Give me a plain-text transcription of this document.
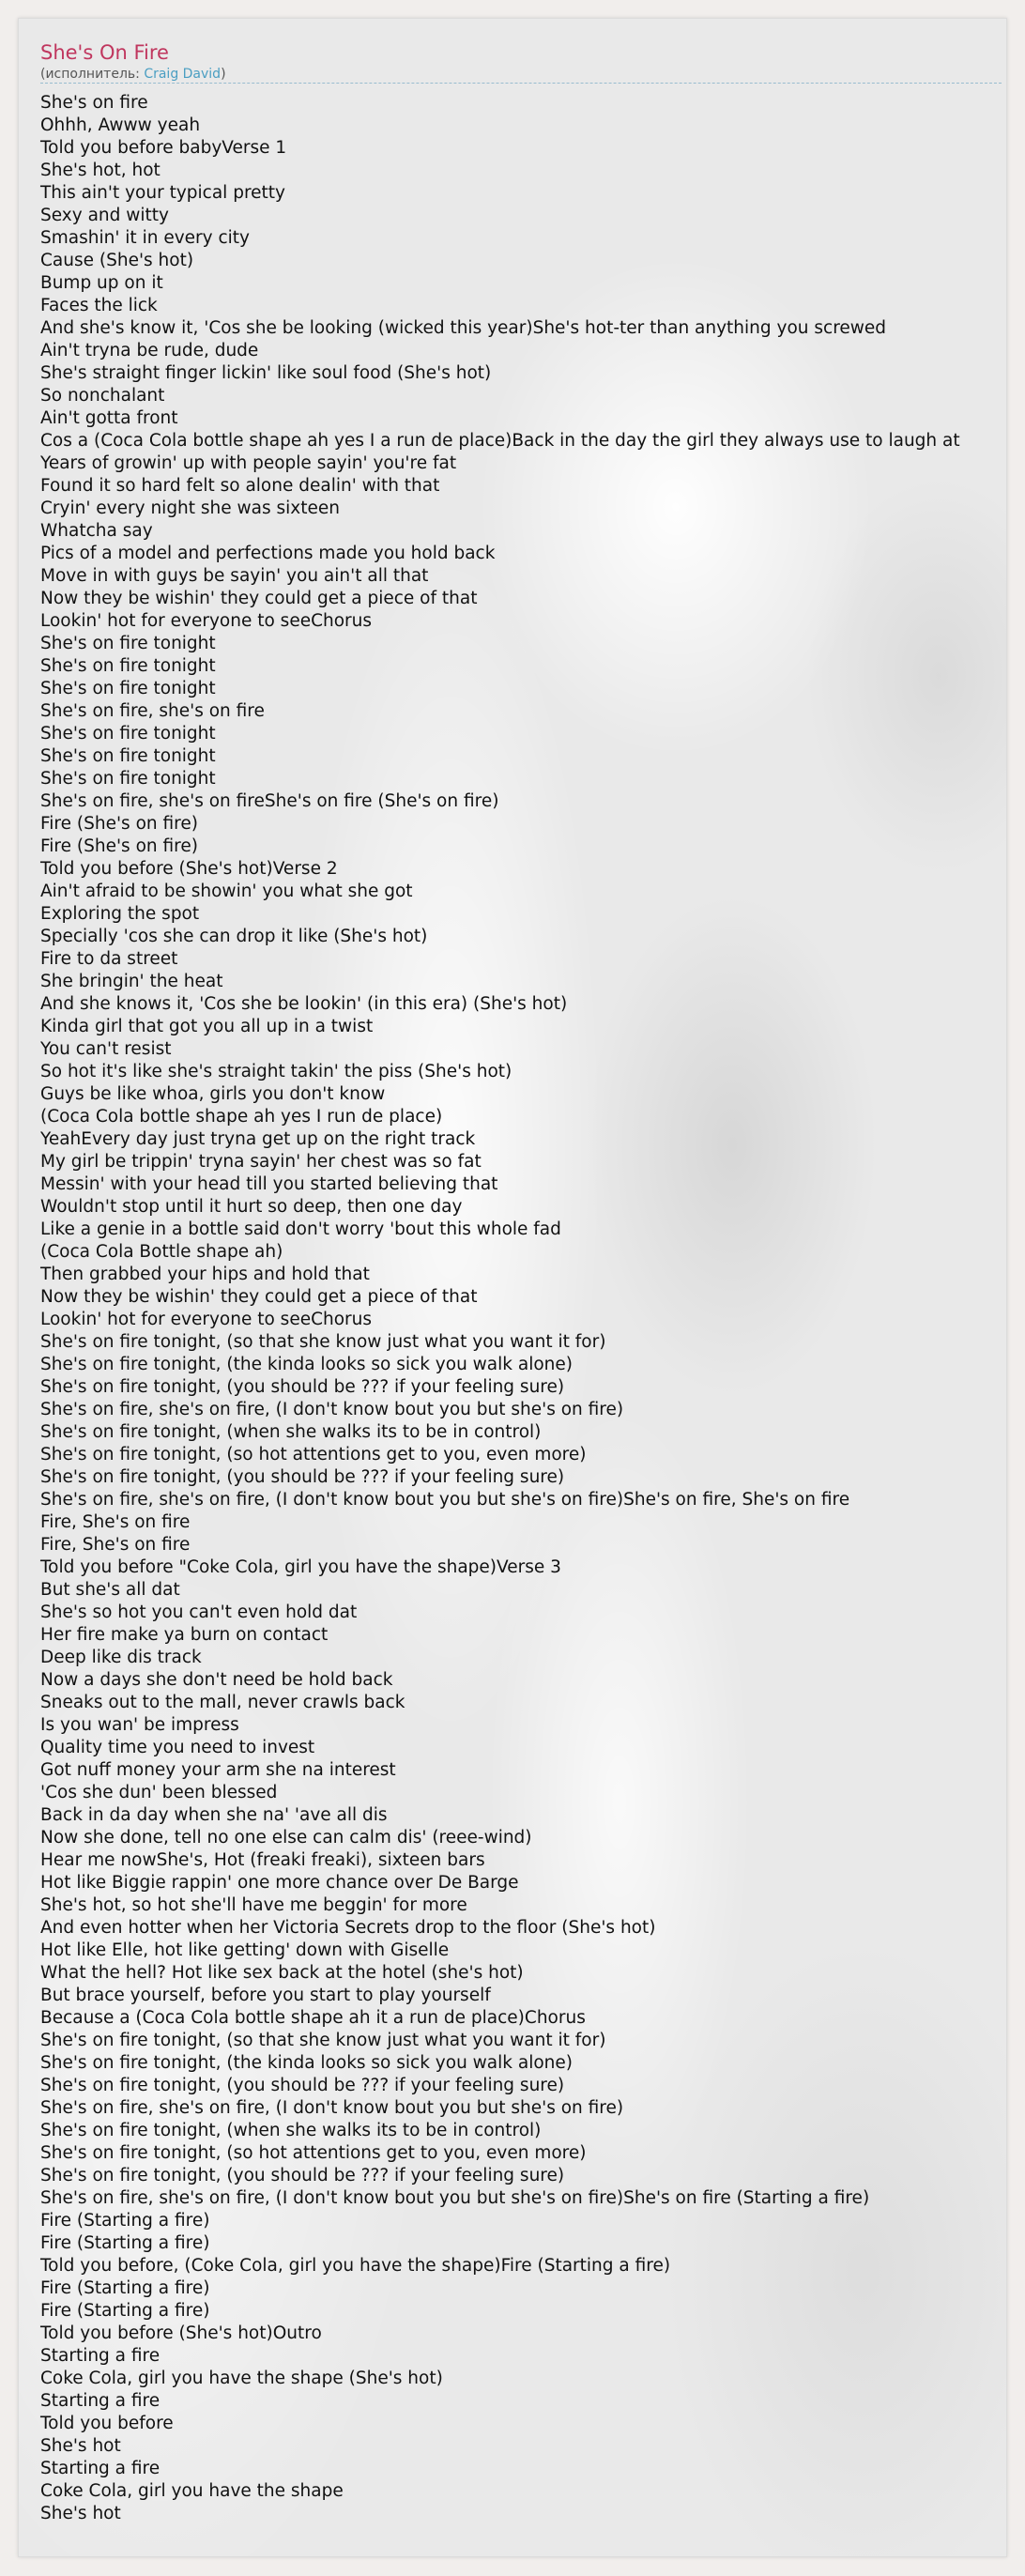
She's On Fire
(исполнитель: Craig David)
She's on fire
Ohhh, Awww yeah
Told you before babyVerse 1
She's hot, hot
This ain't your typical pretty
Sexy and witty
Smashin' it in every city
Cause (She's hot)
Bump up on it
Faces the lick
And she's know it, 'Cos she be looking (wicked this year)She's hot-ter than anything you screwed
Ain't tryna be rude, dude
She's straight finger lickin' like soul food (She's hot)
So nonchalant
Ain't gotta front
Cos a (Coca Cola bottle shape ah yes I a run de place)Back in the day the girl they always use to laugh at
Years of growin' up with people sayin' you're fat
Found it so hard felt so alone dealin' with that
Cryin' every night she was sixteen
Whatcha say
Pics of a model and perfections made you hold back
Move in with guys be sayin' you ain't all that
Now they be wishin' they could get a piece of that
Lookin' hot for everyone to seeChorus
She's on fire tonight
She's on fire tonight
She's on fire tonight
She's on fire, she's on fire
She's on fire tonight
She's on fire tonight
She's on fire tonight
She's on fire, she's on fireShe's on fire (She's on fire)
Fire (She's on fire)
Fire (She's on fire)
Told you before (She's hot)Verse 2
Ain't afraid to be showin' you what she got
Exploring the spot
Specially 'cos she can drop it like (She's hot)
Fire to da street
She bringin' the heat
And she knows it, 'Cos she be lookin' (in this era) (She's hot)
Kinda girl that got you all up in a twist
You can't resist
So hot it's like she's straight takin' the piss (She's hot)
Guys be like whoa, girls you don't know
(Coca Cola bottle shape ah yes I run de place)
YeahEvery day just tryna get up on the right track
My girl be trippin' tryna sayin' her chest was so fat
Messin' with your head till you started believing that
Wouldn't stop until it hurt so deep, then one day
Like a genie in a bottle said don't worry 'bout this whole fad
(Coca Cola Bottle shape ah)
Then grabbed your hips and hold that
Now they be wishin' they could get a piece of that
Lookin' hot for everyone to seeChorus
She's on fire tonight, (so that she know just what you want it for)
She's on fire tonight, (the kinda looks so sick you walk alone)
She's on fire tonight, (you should be ??? if your feeling sure)
She's on fire, she's on fire, (I don't know bout you but she's on fire)
She's on fire tonight, (when she walks its to be in control)
She's on fire tonight, (so hot attentions get to you, even more)
She's on fire tonight, (you should be ??? if your feeling sure)
She's on fire, she's on fire, (I don't know bout you but she's on fire)She's on fire, She's on fire
Fire, She's on fire
Fire, She's on fire
Told you before "Coke Cola, girl you have the shape)Verse 3
But she's all dat
She's so hot you can't even hold dat
Her fire make ya burn on contact
Deep like dis track
Now a days she don't need be hold back
Sneaks out to the mall, never crawls back
Is you wan' be impress
Quality time you need to invest
Got nuff money your arm she na interest
'Cos she dun' been blessed
Back in da day when she na' 'ave all dis
Now she done, tell no one else can calm dis' (reee-wind)
Hear me nowShe's, Hot (freaki freaki), sixteen bars
Hot like Biggie rappin' one more chance over De Barge
She's hot, so hot she'll have me beggin' for more
And even hotter when her Victoria Secrets drop to the floor (She's hot)
Hot like Elle, hot like getting' down with Giselle
What the hell? Hot like sex back at the hotel (she's hot)
But brace yourself, before you start to play yourself
Because a (Coca Cola bottle shape ah it a run de place)Chorus
She's on fire tonight, (so that she know just what you want it for)
She's on fire tonight, (the kinda looks so sick you walk alone)
She's on fire tonight, (you should be ??? if your feeling sure)
She's on fire, she's on fire, (I don't know bout you but she's on fire)
She's on fire tonight, (when she walks its to be in control)
She's on fire tonight, (so hot attentions get to you, even more)
She's on fire tonight, (you should be ??? if your feeling sure)
She's on fire, she's on fire, (I don't know bout you but she's on fire)She's on fire (Starting a fire)
Fire (Starting a fire)
Fire (Starting a fire)
Told you before, (Coke Cola, girl you have the shape)Fire (Starting a fire)
Fire (Starting a fire)
Fire (Starting a fire)
Told you before (She's hot)Outro
Starting a fire
Coke Cola, girl you have the shape (She's hot)
Starting a fire
Told you before
She's hot
Starting a fire
Coke Cola, girl you have the shape
She's hot
